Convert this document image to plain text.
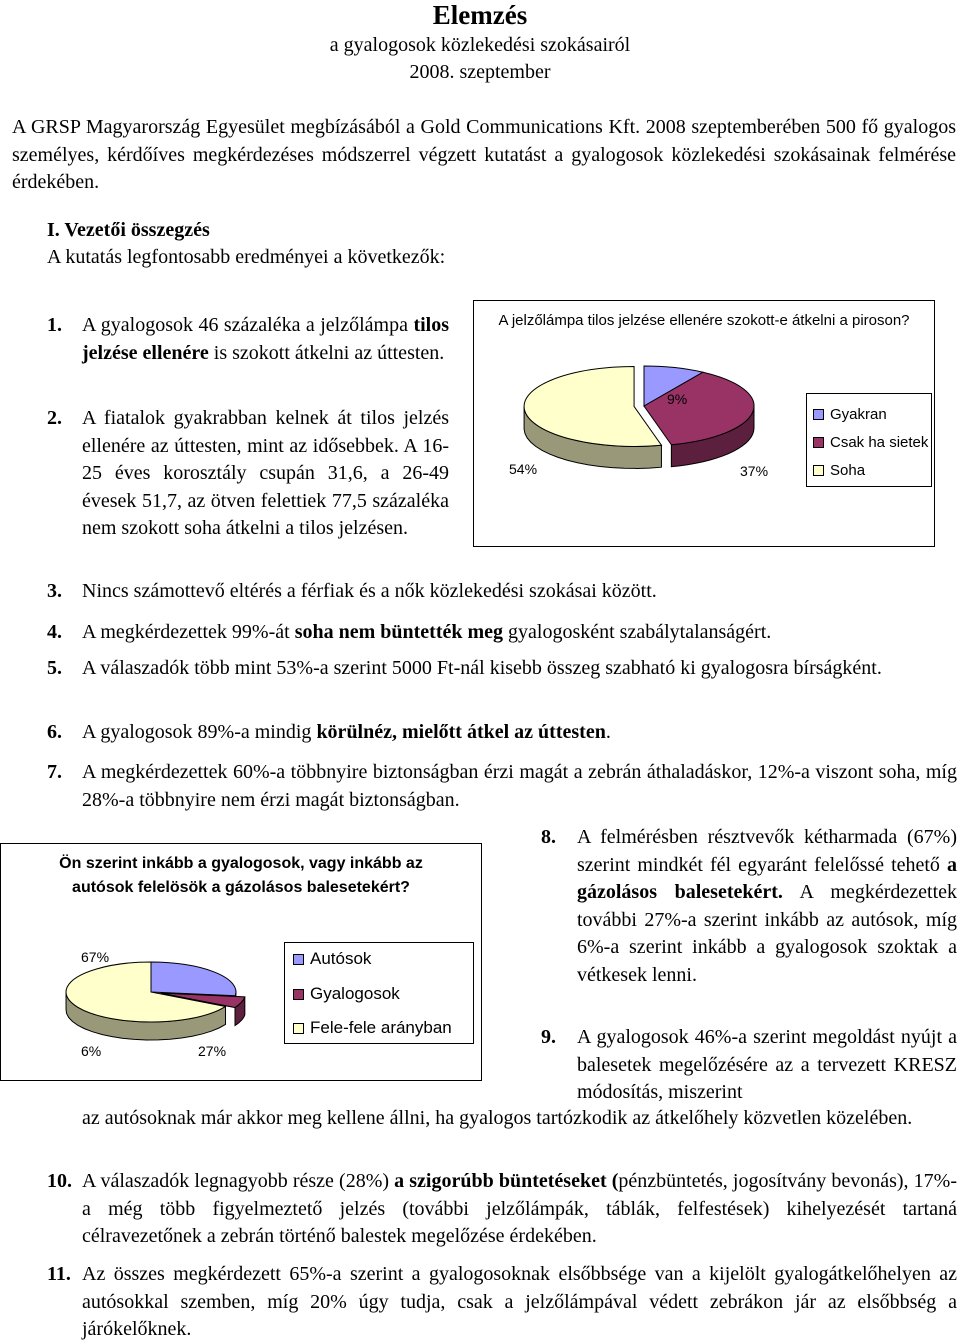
Elemzés
a gyalogosok közlekedési szokásairól
2008. szeptember
A GRSP Magyarország Egyesület megbízásából a Gold Communications Kft. 2008 szeptemberében 500 fő gyalogos személyes, kérdőíves megkérdezéses módszerrel végzett kutatást a gyalogosok közlekedési szokásainak felmérése érdekében.
I. Vezetői összegzés
A kutatás legfontosabb eredményei a következők:
1. A gyalogosok 46 százaléka a jelzőlámpa tilos jelzése ellenére is szokott átkelni az úttesten.
2. A fiatalok gyakrabban kelnek át tilos jelzés ellenére az úttesten, mint az idősebbek. A 16-25 éves korosztály csupán 31,6, a 26-49 évesek 51,7, az ötven felettiek 77,5 százaléka nem szokott soha átkelni a tilos jelzésen.
A jelzőlámpa tilos jelzése ellenére szokott-e átkelni a piroson?
9%
37%
54%
Gyakran
Csak ha sietek
Soha
3. Nincs számottevő eltérés a férfiak és a nők közlekedési szokásai között.
4. A megkérdezettek 99%-át soha nem büntették meg gyalogosként szabálytalanságért.
5. A válaszadók több mint 53%-a szerint 5000 Ft-nál kisebb összeg szabható ki gyalogosra bírságként.
6. A gyalogosok 89%-a mindig körülnéz, mielőtt átkel az úttesten.
7. A megkérdezettek 60%-a többnyire biztonságban érzi magát a zebrán áthaladáskor, 12%-a viszont soha, míg 28%-a többnyire nem érzi magát biztonságban.
Ön szerint inkább a gyalogosok, vagy inkább az autósok felelösök a gázolásos balesetekért?
67%
6%	27%
Autósok
Gyalogosok
Fele-fele arányban
8. A felmérésben résztvevők kétharmada (67%) szerint mindkét fél egyaránt felelőssé tehető a gázolásos balesetekért. A megkérdezettek további 27%-a szerint inkább az autósok, míg 6%-a szerint inkább a gyalogosok szoktak a vétkesek lenni.
9. A gyalogosok 46%-a szerint megoldást nyújt a balesetek megelőzésére az a tervezett KRESZ módosítás, miszerint
az autósoknak már akkor meg kellene állni, ha gyalogos tartózkodik az átkelőhely közvetlen közelében.
10. A válaszadók legnagyobb része (28%) a szigorúbb büntetéseket (pénzbüntetés, jogosítvány bevonás), 17%-a még több figyelmeztető jelzés (további jelzőlámpák, táblák, felfestések) kihelyezését tartaná célravezetőnek a zebrán történő balestek megelőzése érdekében.
11. Az összes megkérdezett 65%-a szerint a gyalogosoknak elsőbbsége van a kijelölt gyalogátkelőhelyen az autósokkal szemben, míg 20% úgy tudja, csak a jelzőlámpával védett zebrákon jár az elsőbbség a járókelőknek.
